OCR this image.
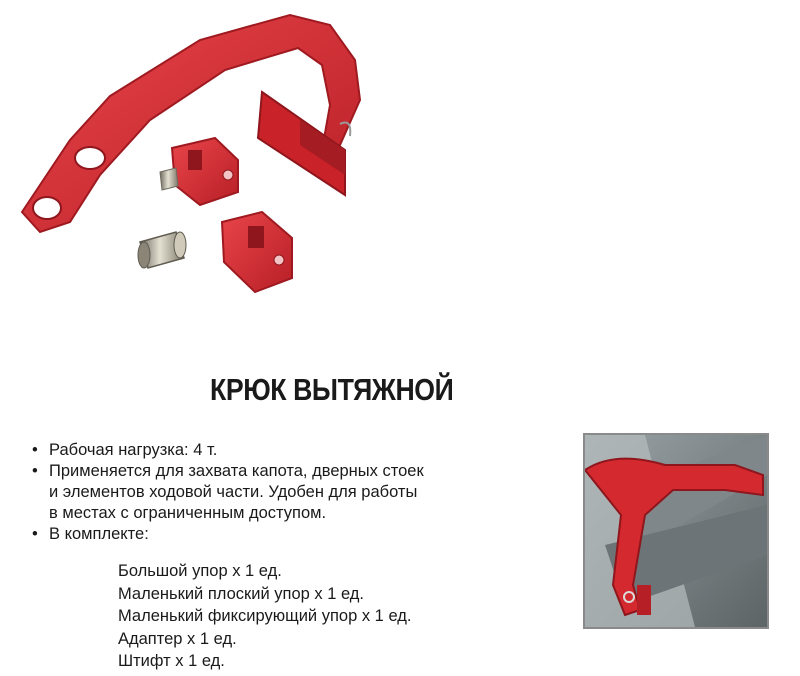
КРЮК ВЫТЯЖНОЙ
• Рабочая нагрузка: 4 т.
• Применяется для захвата капота, дверных стоек
и элементов ходовой части. Удобен для работы
в местах с ограниченным доступом.
• В комплекте:
Большой упор х 1 ед.
Маленький плоский упор х 1 ед.
Маленький фиксирующий упор х 1 ед.
Адаптер х 1 ед.
Штифт х 1 ед.
